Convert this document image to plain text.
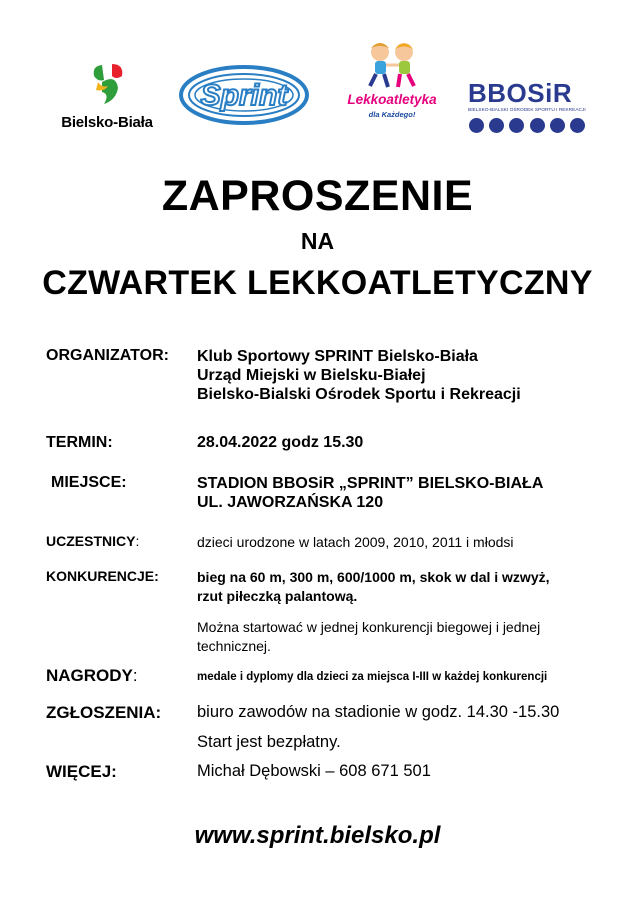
Bielsko-Biała
Sprint	Lekkoatletyka
dla Każdego!
BBOSiR
BIELSKO-BIALSKI OŚRODEK SPORTU I REKREACJI
ZAPROSZENIE
NA
CZWARTEK LEKKOATLETYCZNY
ORGANIZATOR: Klub Sportowy SPRINT Bielsko-Biała
Urząd Miejski w Bielsku-Białej
Bielsko-Bialski Ośrodek Sportu i Rekreacji
TERMIN:	28.04.2022 godz 15.30
MIEJSCE:	STADION BBOSiR „SPRINT” BIELSKO-BIAŁA
UL. JAWORZAŃSKA 120
UCZESTNICY:	dzieci urodzone w latach 2009, 2010, 2011 i młodsi
KONKURENCJE:	bieg na 60 m, 300 m, 600/1000 m, skok w dal i wzwyż,
rzut piłeczką palantową.
Można startować w jednej konkurencji biegowej i jednej
technicznej.
NAGRODY:	medale i dyplomy dla dzieci za miejsca I-III w każdej konkurencji
ZGŁOSZENIA: biuro zawodów na stadionie w godz. 14.30 -15.30
Start jest bezpłatny.
WIĘCEJ:	Michał Dębowski – 608 671 501
www.sprint.bielsko.pl
